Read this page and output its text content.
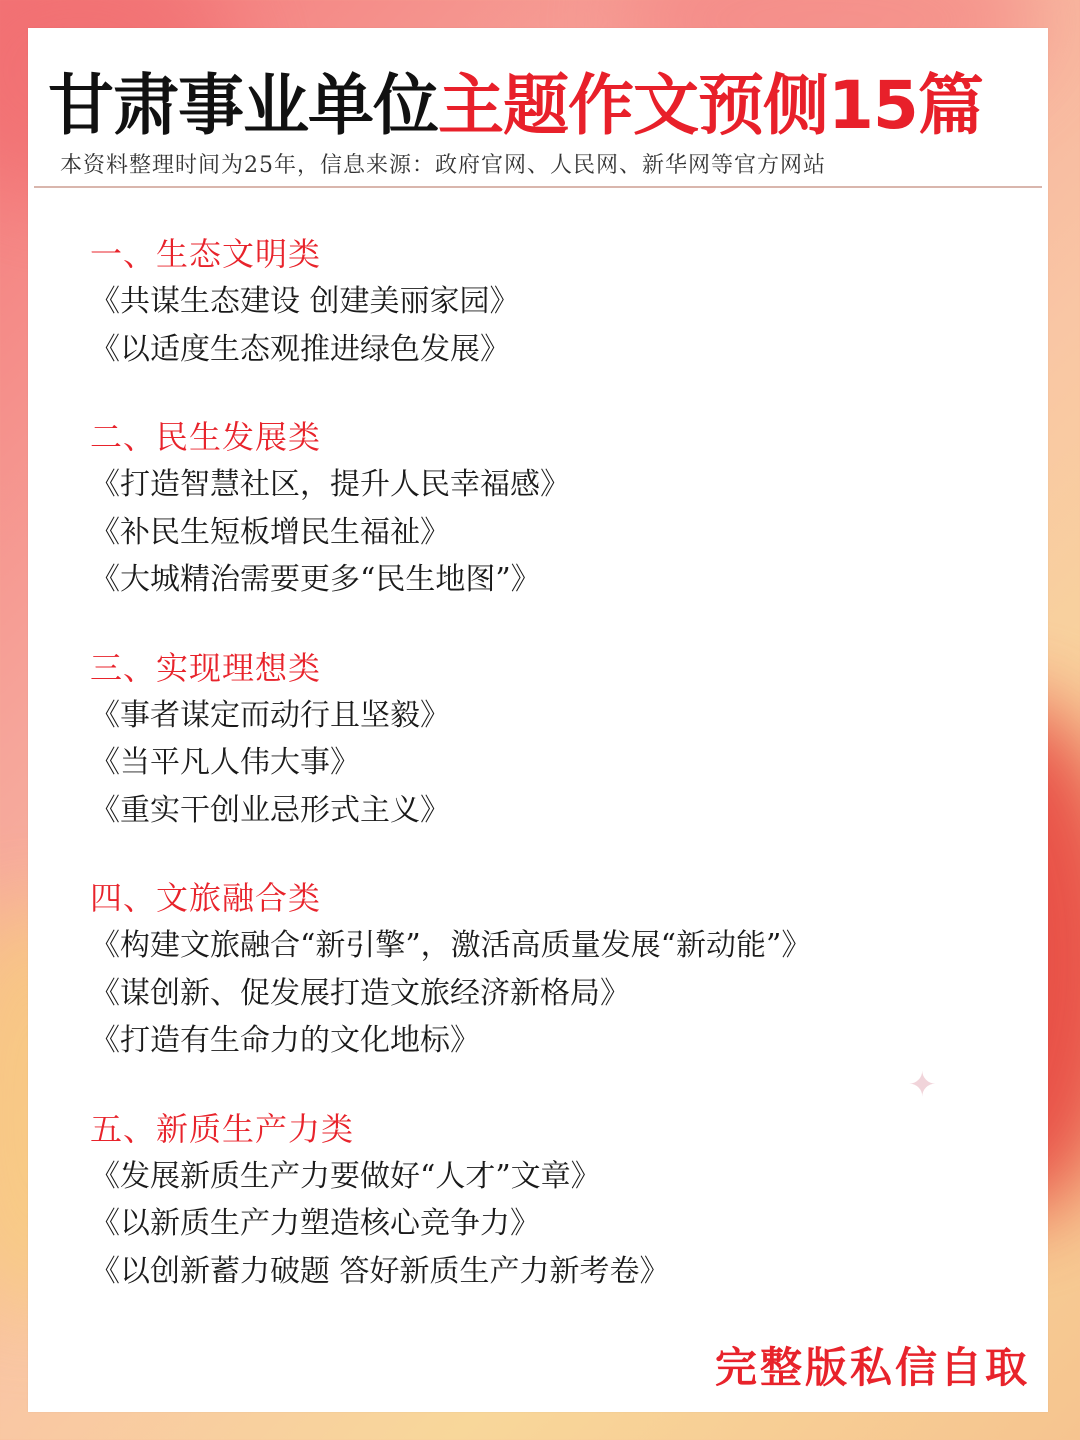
甘肃事业单位主题作文预侧15篇
本资料整理时间为25年，信息来源：政府官网、人民网、新华网等官方网站
一、生态文明类
《共谋生态建设 创建美丽家园》
《以适度生态观推进绿色发展》
二、民生发展类
《打造智慧社区，提升人民幸福感》
《补民生短板增民生福祉》
《大城精治需要更多“民生地图”》
三、实现理想类
《事者谋定而动行且坚毅》
《当平凡人伟大事》
《重实干创业忌形式主义》
四、文旅融合类
《构建文旅融合“新引擎”，激活高质量发展“新动能”》
《谋创新、促发展打造文旅经济新格局》
《打造有生命力的文化地标》
五、新质生产力类
《发展新质生产力要做好“人才”文章》
《以新质生产力塑造核心竞争力》
《以创新蓄力破题 答好新质生产力新考卷》
✦
完整版私信自取
